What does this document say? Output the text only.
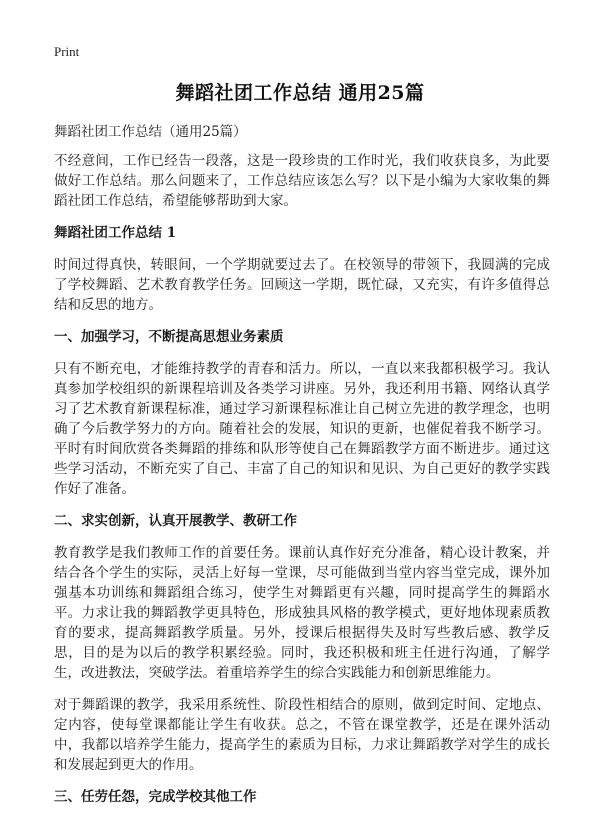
Print
舞蹈社团工作总结 通用25篇
舞蹈社团工作总结（通用25篇）

不经意间，工作已经告一段落，这是一段珍贵的工作时光，我们收获良多，为此要做好工作总结。那么问题来了，工作总结应该怎么写？以下是小编为大家收集的舞蹈社团工作总结，希望能够帮助到大家。

舞蹈社团工作总结 1

时间过得真快，转眼间，一个学期就要过去了。在校领导的带领下，我圆满的完成了学校舞蹈、艺术教育教学任务。回顾这一学期，既忙碌，又充实，有许多值得总结和反思的地方。

一、加强学习，不断提高思想业务素质

只有不断充电，才能维持教学的青春和活力。所以，一直以来我都积极学习。我认真参加学校组织的新课程培训及各类学习讲座。另外，我还利用书籍、网络认真学习了艺术教育新课程标准，通过学习新课程标准让自己树立先进的教学理念，也明确了今后教学努力的方向。随着社会的发展，知识的更新，也催促着我不断学习。平时有时间欣赏各类舞蹈的排练和队形等使自己在舞蹈教学方面不断进步。通过这些学习活动，不断充实了自己、丰富了自己的知识和见识、为自己更好的教学实践作好了准备。

二、求实创新，认真开展教学、教研工作

教育教学是我们教师工作的首要任务。课前认真作好充分准备，精心设计教案，并结合各个学生的实际，灵活上好每一堂课，尽可能做到当堂内容当堂完成，课外加强基本功训练和舞蹈组合练习，使学生对舞蹈更有兴趣，同时提高学生的舞蹈水平。力求让我的舞蹈教学更具特色，形成独具风格的教学模式，更好地体现素质教育的要求，提高舞蹈教学质量。另外，授课后根据得失及时写些教后感、教学反思，目的是为以后的教学积累经验。同时，我还积极和班主任进行沟通，了解学生，改进教法，突破学法。着重培养学生的综合实践能力和创新思维能力。

对于舞蹈课的教学，我采用系统性、阶段性相结合的原则，做到定时间、定地点、定内容，使每堂课都能让学生有收获。总之，不管在课堂教学，还是在课外活动中，我都以培养学生能力，提高学生的素质为目标，力求让舞蹈教学对学生的成长和发展起到更大的作用。

三、任劳任怨，完成学校其他工作
